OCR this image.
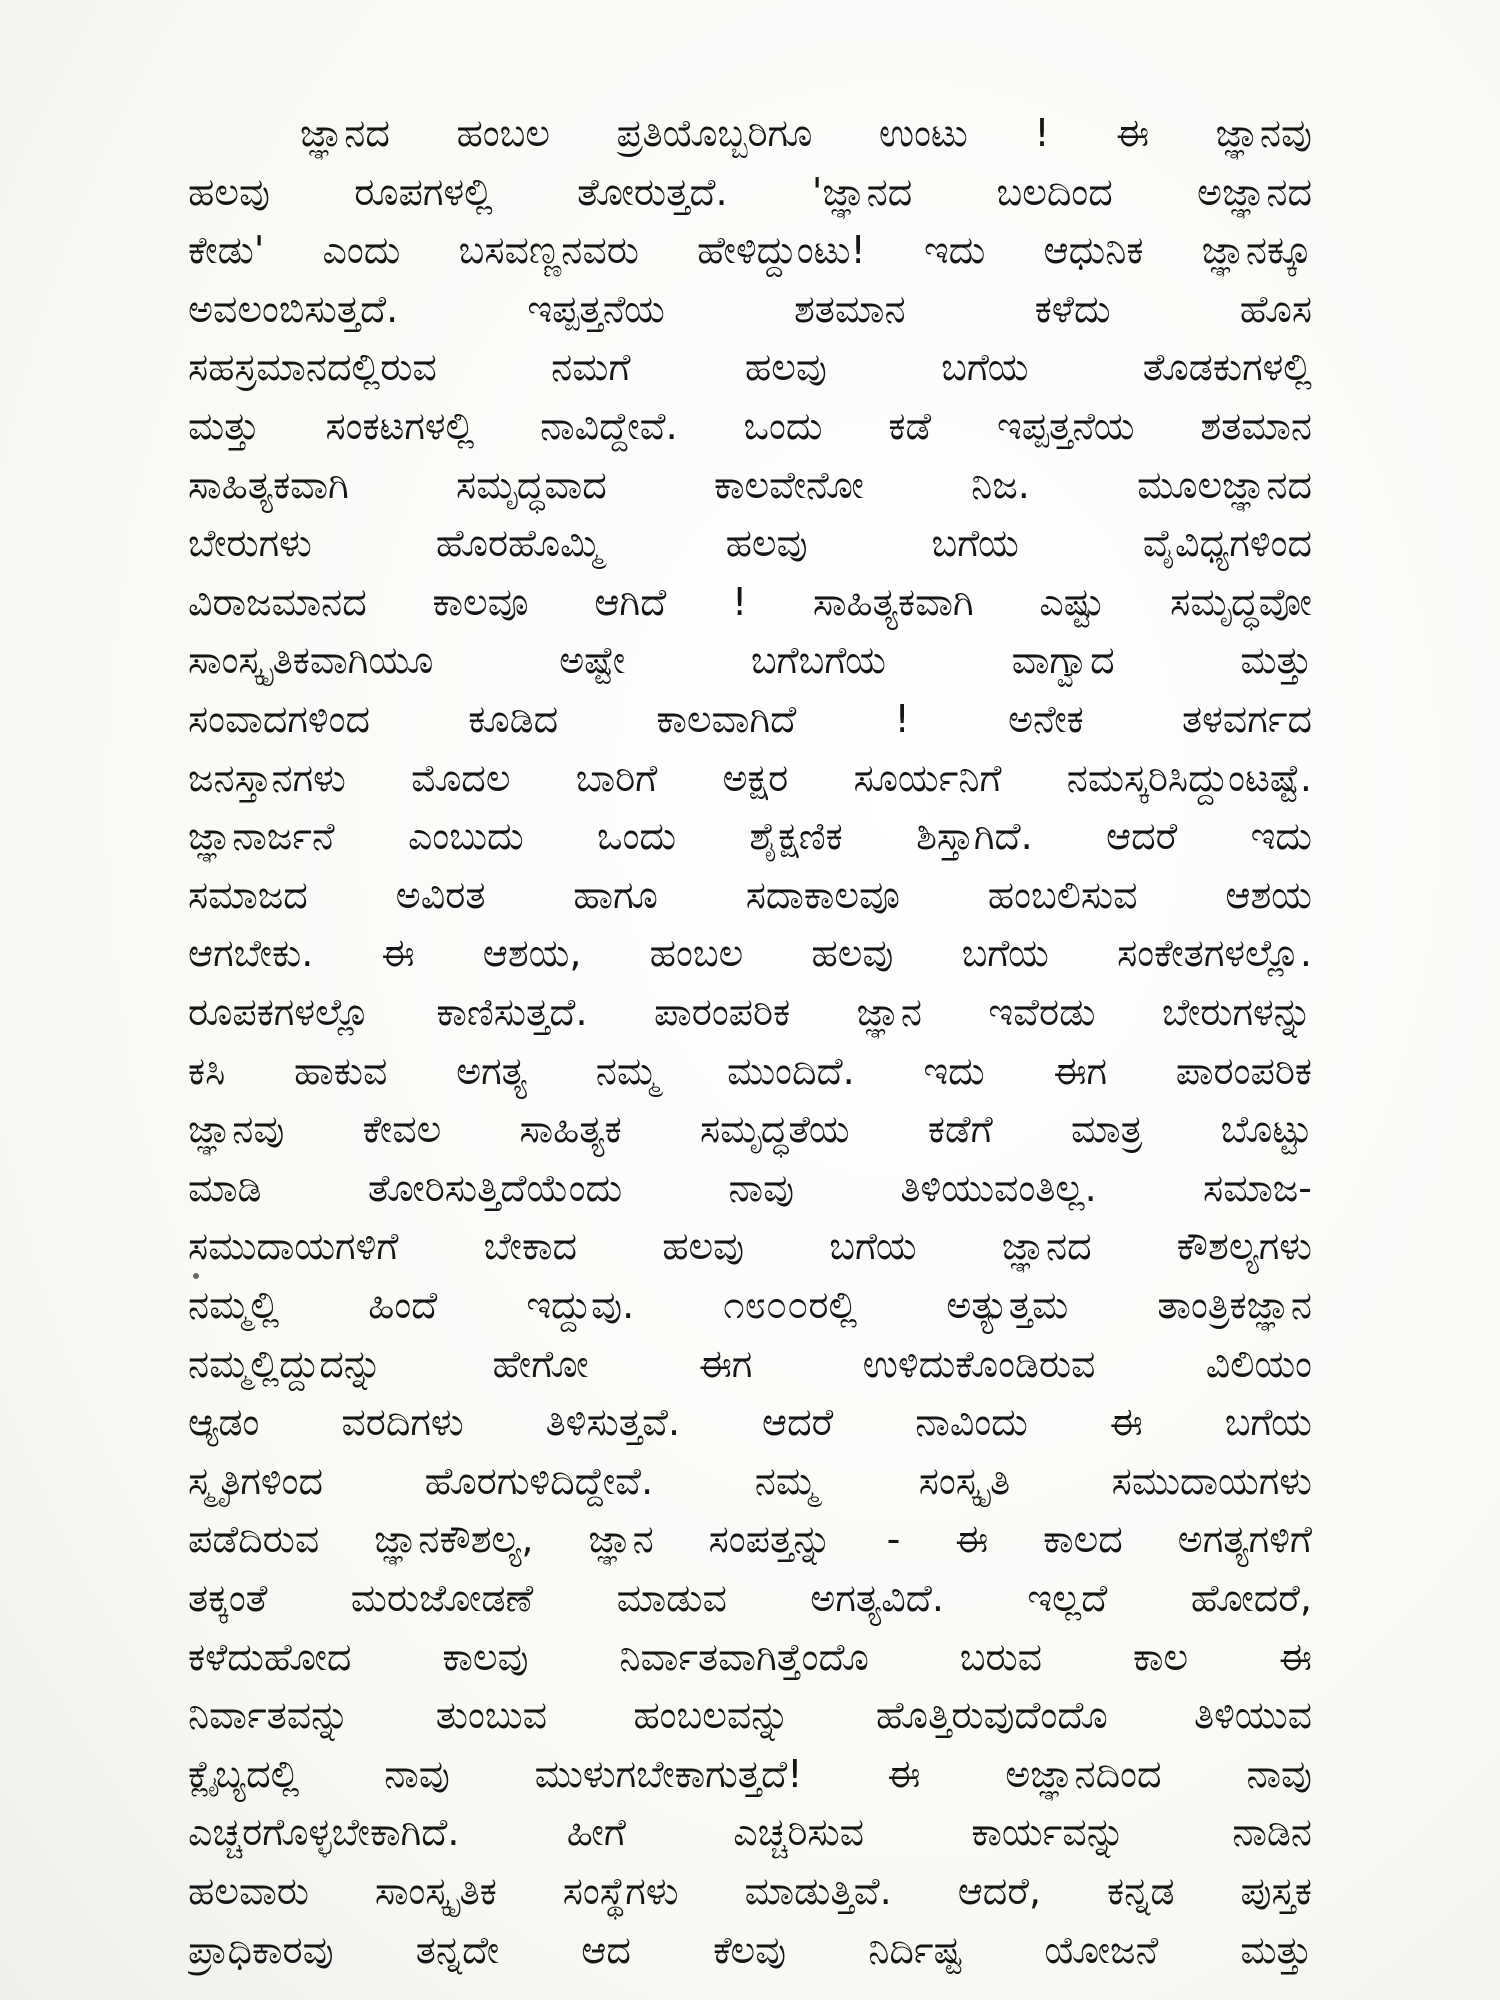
ಜ್ಞಾನದ ಹಂಬಲ ಪ್ರತಿಯೊಬ್ಬರಿಗೂ ಉಂಟು ! ಈ ಜ್ಞಾನವು
ಹಲವು ರೂಪಗಳಲ್ಲಿ ತೋರುತ್ತದೆ. 'ಜ್ಞಾನದ ಬಲದಿಂದ ಅಜ್ಞಾನದ
ಕೇಡು' ಎಂದು ಬಸವಣ್ಣನವರು ಹೇಳಿದ್ದುಂಟು! ಇದು ಆಧುನಿಕ ಜ್ಞಾನಕ್ಕೂ
ಅವಲಂಬಿಸುತ್ತದೆ. ಇಪ್ಪತ್ತನೆಯ ಶತಮಾನ ಕಳೆದು ಹೊಸ
ಸಹಸ್ರಮಾನದಲ್ಲಿರುವ ನಮಗೆ ಹಲವು ಬಗೆಯ ತೊಡಕುಗಳಲ್ಲಿ
ಮತ್ತು ಸಂಕಟಗಳಲ್ಲಿ ನಾವಿದ್ದೇವೆ. ಒಂದು ಕಡೆ ಇಪ್ಪತ್ತನೆಯ ಶತಮಾನ
ಸಾಹಿತ್ಯಕವಾಗಿ ಸಮೃದ್ಧವಾದ ಕಾಲವೇನೋ ನಿಜ. ಮೂಲಜ್ಞಾನದ
ಬೇರುಗಳು ಹೊರಹೊಮ್ಮಿ ಹಲವು ಬಗೆಯ ವೈವಿಧ್ಯಗಳಿಂದ
ವಿರಾಜಮಾನದ ಕಾಲವೂ ಆಗಿದೆ ! ಸಾಹಿತ್ಯಕವಾಗಿ ಎಷ್ಟು ಸಮೃದ್ಧವೋ
ಸಾಂಸ್ಕೃತಿಕವಾಗಿಯೂ ಅಷ್ಟೇ ಬಗೆಬಗೆಯ ವಾಗ್ವಾದ ಮತ್ತು
ಸಂವಾದಗಳಿಂದ ಕೂಡಿದ ಕಾಲವಾಗಿದೆ ! ಅನೇಕ ತಳವರ್ಗದ
ಜನಸ್ತಾನಗಳು ಮೊದಲ ಬಾರಿಗೆ ಅಕ್ಷರ ಸೂರ್ಯನಿಗೆ ನಮಸ್ಕರಿಸಿದ್ದುಂಟಷ್ಟೆ.
ಜ್ಞಾನಾರ್ಜನೆ ಎಂಬುದು ಒಂದು ಶೈಕ್ಷಣಿಕ ಶಿಸ್ತಾಗಿದೆ. ಆದರೆ ಇದು
ಸಮಾಜದ ಅವಿರತ ಹಾಗೂ ಸದಾಕಾಲವೂ ಹಂಬಲಿಸುವ ಆಶಯ
ಆಗಬೇಕು. ಈ ಆಶಯ, ಹಂಬಲ ಹಲವು ಬಗೆಯ ಸಂಕೇತಗಳಲ್ಲೊ.
ರೂಪಕಗಳಲ್ಲೊ ಕಾಣಿಸುತ್ತದೆ. ಪಾರಂಪರಿಕ ಜ್ಞಾನ ಇವೆರಡು ಬೇರುಗಳನ್ನು
ಕಸಿ ಹಾಕುವ ಅಗತ್ಯ ನಮ್ಮ ಮುಂದಿದೆ. ಇದು ಈಗ ಪಾರಂಪರಿಕ
ಜ್ಞಾನವು ಕೇವಲ ಸಾಹಿತ್ಯಕ ಸಮೃದ್ಧತೆಯ ಕಡೆಗೆ ಮಾತ್ರ ಬೊಟ್ಟು
ಮಾಡಿ ತೋರಿಸುತ್ತಿದೆಯೆಂದು ನಾವು ತಿಳಿಯುವಂತಿಲ್ಲ. ಸಮಾಜ-
ಸಮುದಾಯಗಳಿಗೆ ಬೇಕಾದ ಹಲವು ಬಗೆಯ ಜ್ಞಾನದ ಕೌಶಲ್ಯಗಳು
ನಮ್ಮಲ್ಲಿ ಹಿಂದೆ ಇದ್ದುವು. ೧೮೦೦ರಲ್ಲಿ ಅತ್ಯುತ್ತಮ ತಾಂತ್ರಿಕಜ್ಞಾನ
ನಮ್ಮಲ್ಲಿದ್ದುದನ್ನು ಹೇಗೋ ಈಗ ಉಳಿದುಕೊಂಡಿರುವ ವಿಲಿಯಂ
ಆ್ಯಡಂ ವರದಿಗಳು ತಿಳಿಸುತ್ತವೆ. ಆದರೆ ನಾವಿಂದು ಈ ಬಗೆಯ
ಸ್ಮೃತಿಗಳಿಂದ ಹೊರಗುಳಿದಿದ್ದೇವೆ. ನಮ್ಮ ಸಂಸ್ಕೃತಿ ಸಮುದಾಯಗಳು
ಪಡೆದಿರುವ ಜ್ಞಾನಕೌಶಲ್ಯ, ಜ್ಞಾನ ಸಂಪತ್ತನ್ನು - ಈ ಕಾಲದ ಅಗತ್ಯಗಳಿಗೆ
ತಕ್ಕಂತೆ ಮರುಜೋಡಣೆ ಮಾಡುವ ಅಗತ್ಯವಿದೆ. ಇಲ್ಲದೆ ಹೋದರೆ,
ಕಳೆದುಹೋದ ಕಾಲವು ನಿರ್ವಾತವಾಗಿತ್ತೆಂದೊ ಬರುವ ಕಾಲ ಈ
ನಿರ್ವಾತವನ್ನು ತುಂಬುವ ಹಂಬಲವನ್ನು ಹೊತ್ತಿರುವುದೆಂದೊ ತಿಳಿಯುವ
ಕ್ಲೈಬ್ಯದಲ್ಲಿ ನಾವು ಮುಳುಗಬೇಕಾಗುತ್ತದೆ! ಈ ಅಜ್ಞಾನದಿಂದ ನಾವು
ಎಚ್ಚರಗೊಳ್ಳಬೇಕಾಗಿದೆ. ಹೀಗೆ ಎಚ್ಚರಿಸುವ ಕಾರ್ಯವನ್ನು ನಾಡಿನ
ಹಲವಾರು ಸಾಂಸ್ಕೃತಿಕ ಸಂಸ್ಥೆಗಳು ಮಾಡುತ್ತಿವೆ. ಆದರೆ, ಕನ್ನಡ ಪುಸ್ತಕ
ಪ್ರಾಧಿಕಾರವು ತನ್ನದೇ ಆದ ಕೆಲವು ನಿರ್ದಿಷ್ಟ ಯೋಜನೆ ಮತ್ತು
